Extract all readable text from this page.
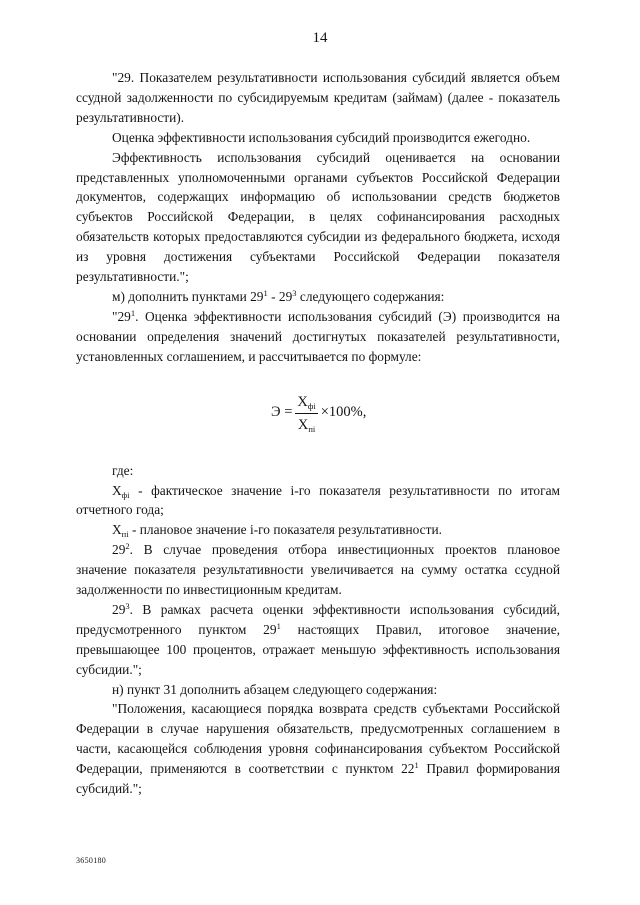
14

"29. Показателем результативности использования субсидий является объем ссудной задолженности по субсидируемым кредитам (займам) (далее - показатель результативности).

Оценка эффективности использования субсидий производится ежегодно.

Эффективность использования субсидий оценивается на основании представленных уполномоченными органами субъектов Российской Федерации документов, содержащих информацию об использовании средств бюджетов субъектов Российской Федерации, в целях софинансирования расходных обязательств которых предоставляются субсидии из федерального бюджета, исходя из уровня достижения субъектами Российской Федерации показателя результативности.";

м) дополнить пунктами $29^1 - 29^3$ следующего содержания:

"$29^1$. Оценка эффективности использования субсидий (Э) производится на основании определения значений достигнутых показателей результативности, установленных соглашением, и рассчитывается по формуле:

$Э = \frac{Х_{фi}}{Х_{пi}} \times 100\%$,

где:

$Х_{фi}$ - фактическое значение i-го показателя результативности по итогам отчетного года;

$Х_{пi}$ - плановое значение i-го показателя результативности.

$29^2$. В случае проведения отбора инвестиционных проектов плановое значение показателя результативности увеличивается на сумму остатка ссудной задолженности по инвестиционным кредитам.

$29^3$. В рамках расчета оценки эффективности использования субсидий, предусмотренного пунктом $29^1$ настоящих Правил, итоговое значение, превышающее 100 процентов, отражает меньшую эффективность использования субсидии.";

н) пункт 31 дополнить абзацем следующего содержания:

"Положения, касающиеся порядка возврата средств субъектами Российской Федерации в случае нарушения обязательств, предусмотренных соглашением в части, касающейся соблюдения уровня софинансирования субъектом Российской Федерации, применяются в соответствии с пунктом $22^1$ Правил формирования субсидий.";

3650180
